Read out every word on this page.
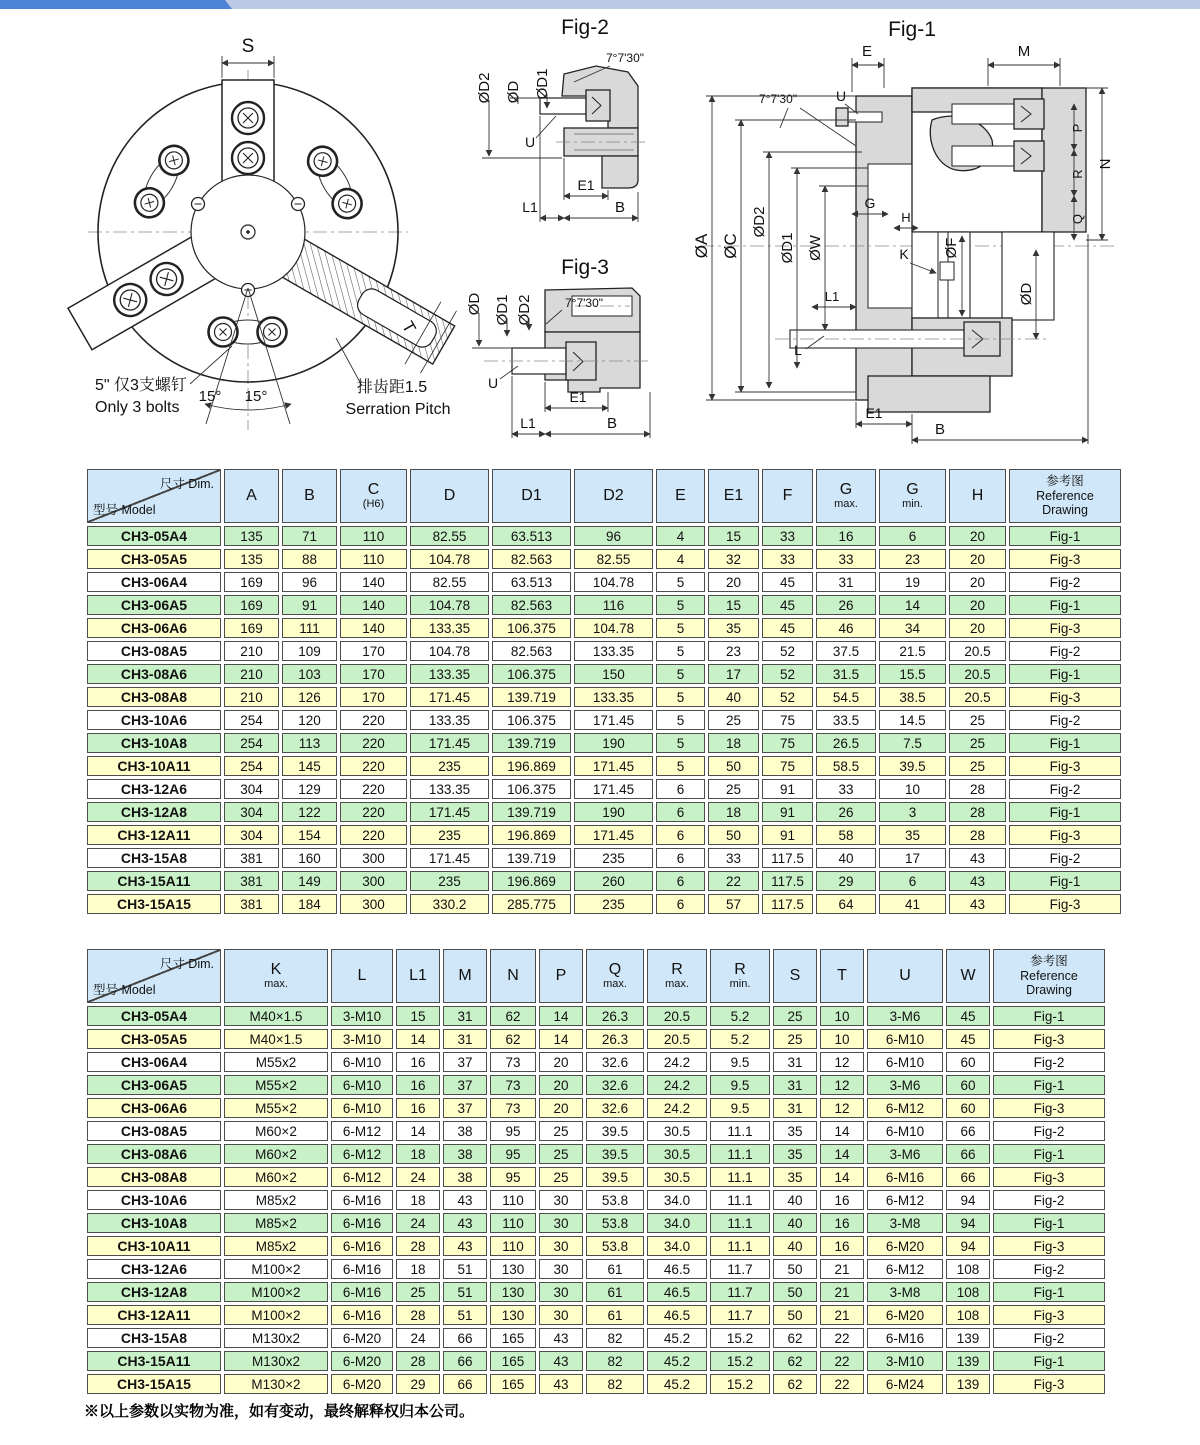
S
T
15° 15°
5" 仅3支螺钉
Only 3 bolts
排齿距1.5
Serration Pitch
Fig-2
7°7'30"
ØD2 ØD ØD1
U
E1
L1	B
Fig-3
7°7'30"
ØD ØD1 ØD2
U
E1
L1	B
Fig-1
E	M
7°7'30"	U
ØA ØC
ØD2
ØD1 ØW
N
P
R
Q
ØD
ØF
G
H
K
L1
L
E1
B
尺寸 Dim.
型号 Model

A	B	C
(H6)

D	D1	D2	E	E1	F	G
max.

G
min.

H

参考图
Reference
Drawing

CH3-05A4	135	71	110	82.55	63.513	96	4	15	33	16	6	20	Fig-1
CH3-05A5	135	88	110	104.78	82.563	82.55	4	32	33	33	23	20	Fig-3
CH3-06A4	169	96	140	82.55	63.513	104.78	5	20	45	31	19	20	Fig-2
CH3-06A5	169	91	140	104.78	82.563	116	5	15	45	26	14	20	Fig-1
CH3-06A6	169	111	140	133.35	106.375	104.78	5	35	45	46	34	20	Fig-3
CH3-08A5	210	109	170	104.78	82.563	133.35	5	23	52	37.5	21.5	20.5	Fig-2
CH3-08A6	210	103	170	133.35	106.375	150	5	17	52	31.5	15.5	20.5	Fig-1
CH3-08A8	210	126	170	171.45	139.719	133.35	5	40	52	54.5	38.5	20.5	Fig-3
CH3-10A6	254	120	220	133.35	106.375	171.45	5	25	75	33.5	14.5	25	Fig-2
CH3-10A8	254	113	220	171.45	139.719	190	5	18	75	26.5	7.5	25	Fig-1
CH3-10A11	254	145	220	235	196.869	171.45	5	50	75	58.5	39.5	25	Fig-3
CH3-12A6	304	129	220	133.35	106.375	171.45	6	25	91	33	10	28	Fig-2
CH3-12A8	304	122	220	171.45	139.719	190	6	18	91	26	3	28	Fig-1
CH3-12A11	304	154	220	235	196.869	171.45	6	50	91	58	35	28	Fig-3
CH3-15A8	381	160	300	171.45	139.719	235	6	33	117.5	40	17	43	Fig-2
CH3-15A11	381	149	300	235	196.869	260	6	22	117.5	29	6	43	Fig-1
CH3-15A15	381	184	300	330.2	285.775	235	6	57	117.5	64	41	43	Fig-3
尺寸 Dim.
型号 Model

K
max.

L	L1	M	N	P	Q
max.

R
max.

R
min.

S	T	U	W

参考图
Reference
Drawing

CH3-05A4	M40×1.5	3-M10	15	31	62	14	26.3	20.5	5.2	25	10	3-M6	45	Fig-1
CH3-05A5	M40×1.5	3-M10	14	31	62	14	26.3	20.5	5.2	25	10	6-M10	45	Fig-3
CH3-06A4	M55x2	6-M10	16	37	73	20	32.6	24.2	9.5	31	12	6-M10	60	Fig-2
CH3-06A5	M55×2	6-M10	16	37	73	20	32.6	24.2	9.5	31	12	3-M6	60	Fig-1
CH3-06A6	M55×2	6-M10	16	37	73	20	32.6	24.2	9.5	31	12	6-M12	60	Fig-3
CH3-08A5	M60×2	6-M12	14	38	95	25	39.5	30.5	11.1	35	14	6-M10	66	Fig-2
CH3-08A6	M60×2	6-M12	18	38	95	25	39.5	30.5	11.1	35	14	3-M6	66	Fig-1
CH3-08A8	M60×2	6-M12	24	38	95	25	39.5	30.5	11.1	35	14	6-M16	66	Fig-3
CH3-10A6	M85x2	6-M16	18	43	110	30	53.8	34.0	11.1	40	16	6-M12	94	Fig-2
CH3-10A8	M85×2	6-M16	24	43	110	30	53.8	34.0	11.1	40	16	3-M8	94	Fig-1
CH3-10A11	M85x2	6-M16	28	43	110	30	53.8	34.0	11.1	40	16	6-M20	94	Fig-3
CH3-12A6	M100×2	6-M16	18	51	130	30	61	46.5	11.7	50	21	6-M12	108	Fig-2
CH3-12A8	M100×2	6-M16	25	51	130	30	61	46.5	11.7	50	21	3-M8	108	Fig-1
CH3-12A11	M100×2	6-M16	28	51	130	30	61	46.5	11.7	50	21	6-M20	108	Fig-3
CH3-15A8	M130x2	6-M20	24	66	165	43	82	45.2	15.2	62	22	6-M16	139	Fig-2
CH3-15A11	M130x2	6-M20	28	66	165	43	82	45.2	15.2	62	22	3-M10	139	Fig-1
CH3-15A15	M130×2	6-M20	29	66	165	43	82	45.2	15.2	62	22	6-M24	139	Fig-3
※以上参数以实物为准，如有变动，最终解释权归本公司。
